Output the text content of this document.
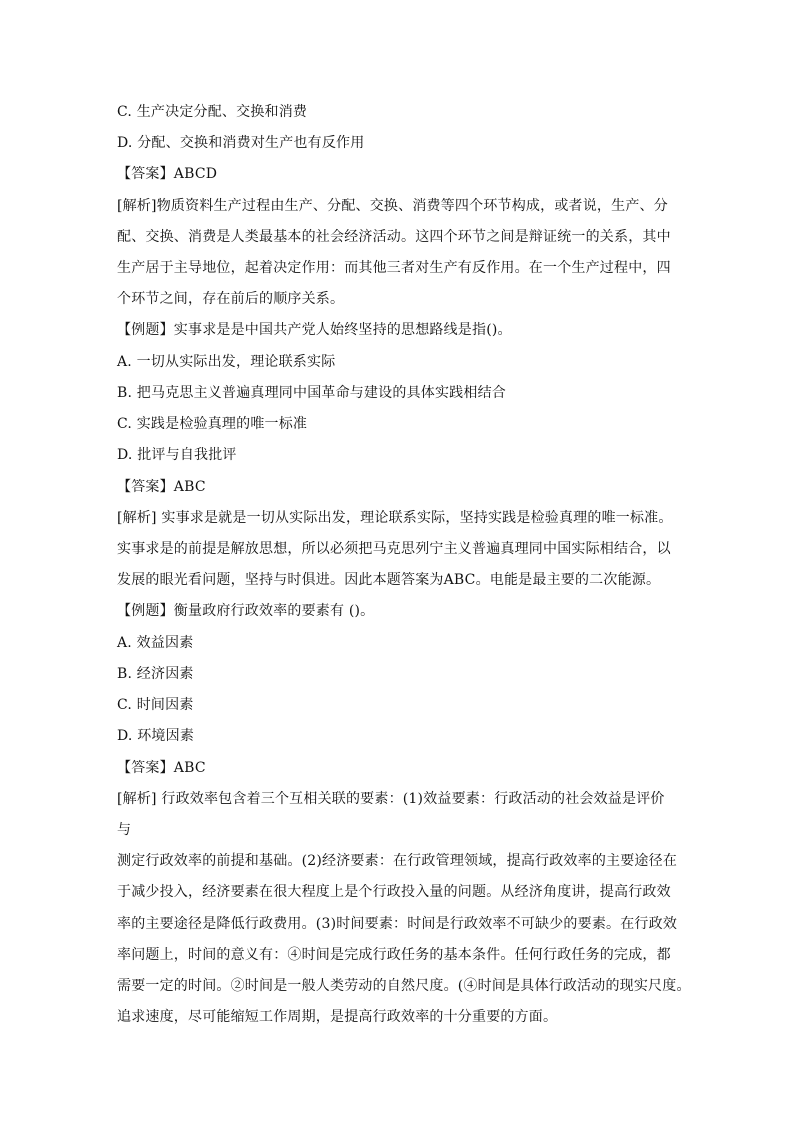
C. 生产决定分配、交换和消费
D. 分配、交换和消费对生产也有反作用
【答案】ABCD
[解析]物质资料生产过程由生产、分配、交换、消费等四个环节构成，或者说，生产、分
配、交换、消费是人类最基本的社会经济活动。这四个环节之间是辩证统一的关系，其中
生产居于主导地位，起着决定作用：而其他三者对生产有反作用。在一个生产过程中，四
个环节之间，存在前后的顺序关系。
【例题】实事求是是中国共产党人始终坚持的思想路线是指()。
A. 一切从实际出发，理论联系实际
B. 把马克思主义普遍真理同中国革命与建设的具体实践相结合
C. 实践是检验真理的唯一标准
D. 批评与自我批评
【答案】ABC
[解析] 实事求是就是一切从实际出发，理论联系实际，坚持实践是检验真理的唯一标准。
实事求是的前提是解放思想，所以必须把马克思列宁主义普遍真理同中国实际相结合，以
发展的眼光看问题，坚持与时俱进。因此本题答案为ABC。电能是最主要的二次能源。
【例题】衡量政府行政效率的要素有 ()。
A. 效益因素
B. 经济因素
C. 时间因素
D. 环境因素
【答案】ABC
[解析] 行政效率包含着三个互相关联的要素：(1)效益要素：行政活动的社会效益是评价
与
测定行政效率的前提和基础。(2)经济要素：在行政管理领域，提高行政效率的主要途径在
于减少投入，经济要素在很大程度上是个行政投入量的问题。从经济角度讲，提高行政效
率的主要途径是降低行政费用。(3)时间要素：时间是行政效率不可缺少的要素。在行政效
率问题上，时间的意义有：④时间是完成行政任务的基本条件。任何行政任务的完成，都
需要一定的时间。②时间是一般人类劳动的自然尺度。(④时间是具体行政活动的现实尺度。
追求速度，尽可能缩短工作周期，是提高行政效率的十分重要的方面。
